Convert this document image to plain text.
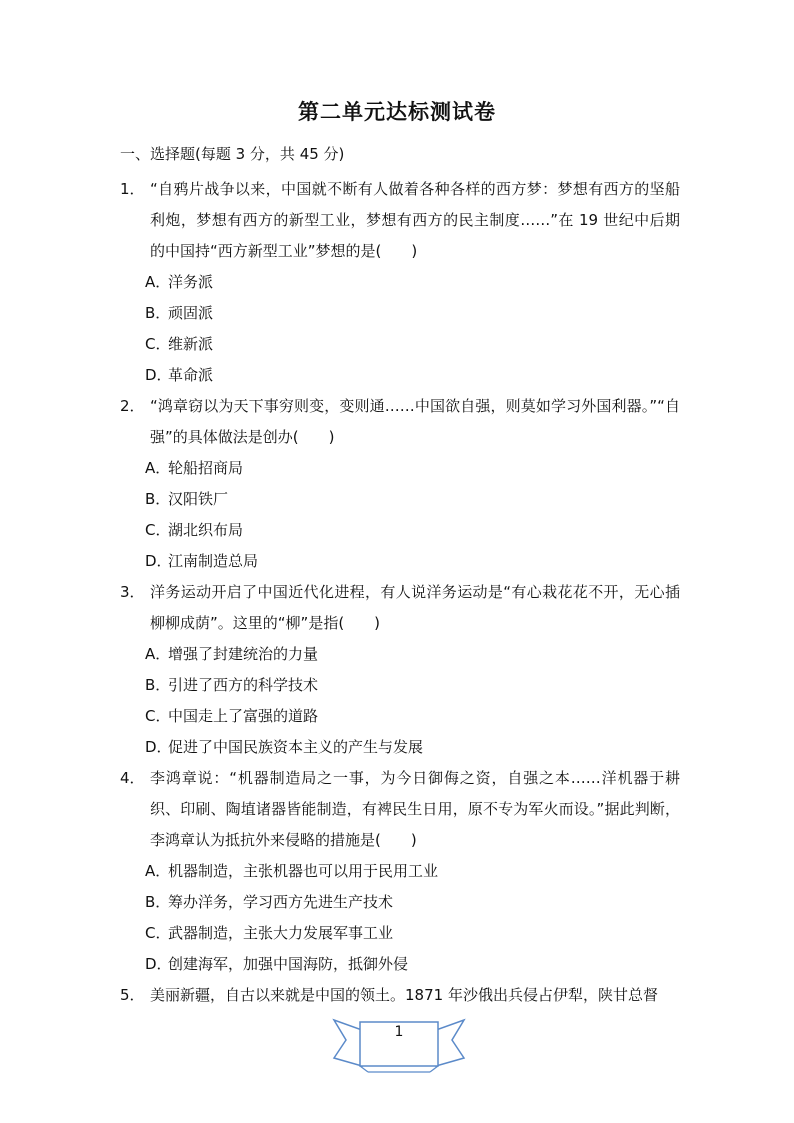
第二单元达标测试卷
一、选择题(每题 3 分，共 45 分)
1． “自鸦片战争以来，中国就不断有人做着各种各样的西方梦：梦想有西方的坚船利炮，梦想有西方的新型工业，梦想有西方的民主制度……”在 19 世纪中后期的中国持“西方新型工业”梦想的是(　　)
A．洋务派
B．顽固派
C．维新派
D．革命派
2． “鸿章窃以为天下事穷则变，变则通……中国欲自强，则莫如学习外国利器。”“自强”的具体做法是创办(　　)
A．轮船招商局
B．汉阳铁厂
C．湖北织布局
D．江南制造总局
3． 洋务运动开启了中国近代化进程，有人说洋务运动是“有心栽花花不开，无心插柳柳成荫”。这里的“柳”是指(　　)
A．增强了封建统治的力量
B．引进了西方的科学技术
C．中国走上了富强的道路
D．促进了中国民族资本主义的产生与发展
4． 李鸿章说：“机器制造局之一事，为今日御侮之资，自强之本……洋机器于耕织、印刷、陶埴诸器皆能制造，有裨民生日用，原不专为军火而设。”据此判断，李鸿章认为抵抗外来侵略的措施是(　　)
A．机器制造，主张机器也可以用于民用工业
B．筹办洋务，学习西方先进生产技术
C．武器制造，主张大力发展军事工业
D．创建海军，加强中国海防，抵御外侵
5． 美丽新疆，自古以来就是中国的领土。1871 年沙俄出兵侵占伊犁，陕甘总督
1
